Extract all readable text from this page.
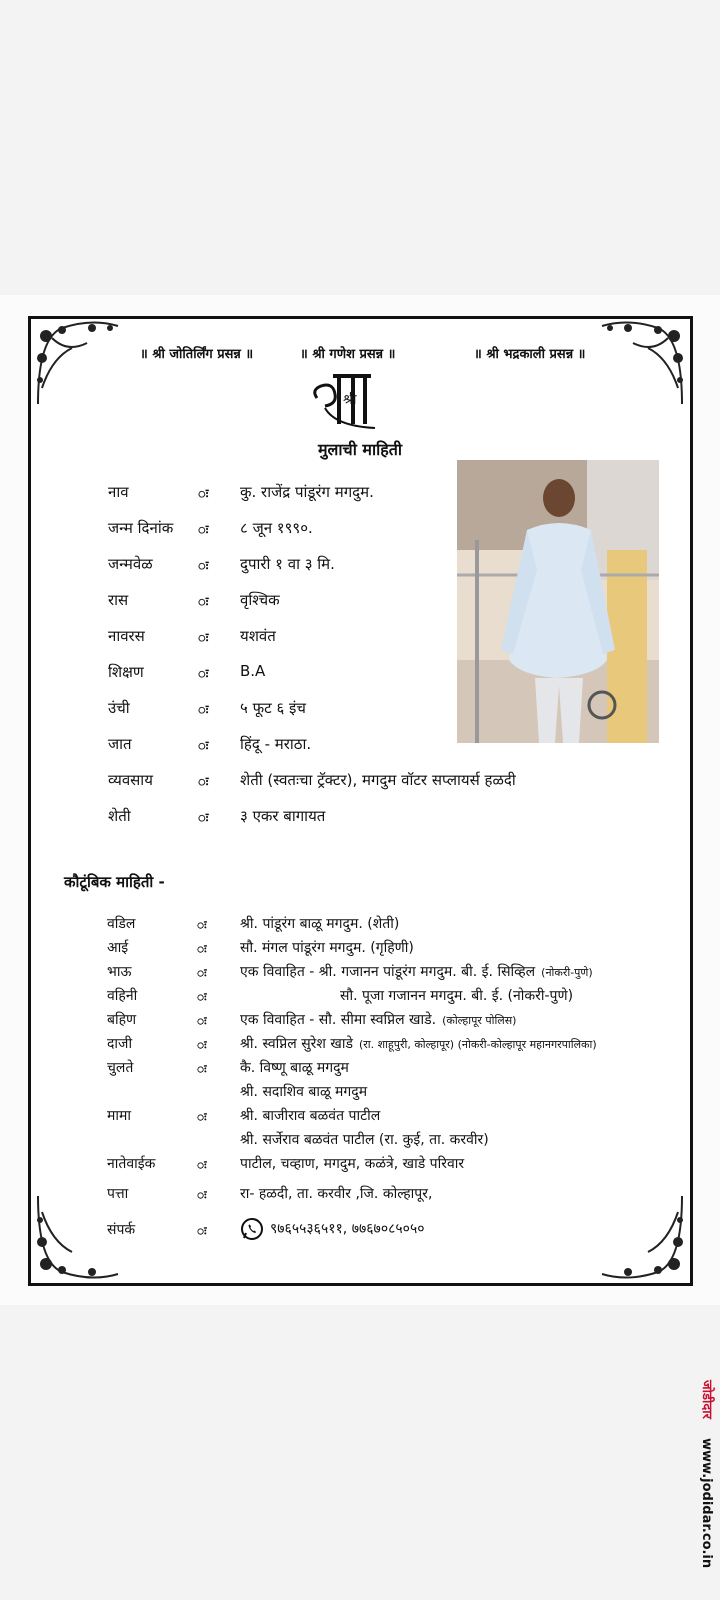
॥ श्री जोतिर्लिंग प्रसन्न ॥	॥ श्री गणेश प्रसन्न ॥	॥ श्री भद्रकाली प्रसन्न ॥
श्री
मुलाची माहिती
नाव	ः कु. राजेंद्र पांडूरंग मगदुम.
जन्म दिनांक ः ८ जून १९९०.
जन्मवेळ	ः दुपारी १ वा ३ मि.
रास	ः वृश्चिक
नावरस	ः यशवंत
शिक्षण	ः B.A
उंची	ः ५ फूट ६ इंच
जात	ः हिंदू - मराठा.
व्यवसाय	ः शेती (स्वतःचा ट्रॅक्टर), मगदुम वॉटर सप्लायर्स हळदी
शेती	ः ३ एकर बागायत
कौटूंबिक माहिती -
वडिल	ः श्री. पांडूरंग बाळू मगदुम. (शेती)
आई	ः सौ. मंगल पांडूरंग मगदुम. (गृहिणी)
भाऊ	ः एक विवाहित - श्री. गजानन पांडूरंग मगदुम. बी. ई. सिव्हिल (नोकरी-पुणे)
वहिनी	ः	सौ. पूजा गजानन मगदुम. बी. ई. (नोकरी-पुणे)
बहिण	ः एक विवाहित - सौ. सीमा स्वप्निल खाडे. (कोल्हापूर पोलिस)
दाजी	ः श्री. स्वप्निल सुरेश खाडे (रा. शाहूपुरी, कोल्हापूर) (नोकरी-कोल्हापूर महानगरपालिका)
चुलते	ः कै. विष्णू बाळू मगदुम
श्री. सदाशिव बाळू मगदुम
मामा	ः श्री. बाजीराव बळवंत पाटील
श्री. सर्जेराव बळवंत पाटील (रा. कुई, ता. करवीर)
नातेवाईक	ः पाटील, चव्हाण, मगदुम, कळंत्रे, खाडे परिवार
पत्ता	ः रा- हळदी, ता. करवीर ,जि. कोल्हापूर,
संपर्क	ः	९७६५५३६५११, ७७६७०८५०५०
जोडीदार  www.jodidar.co.in
